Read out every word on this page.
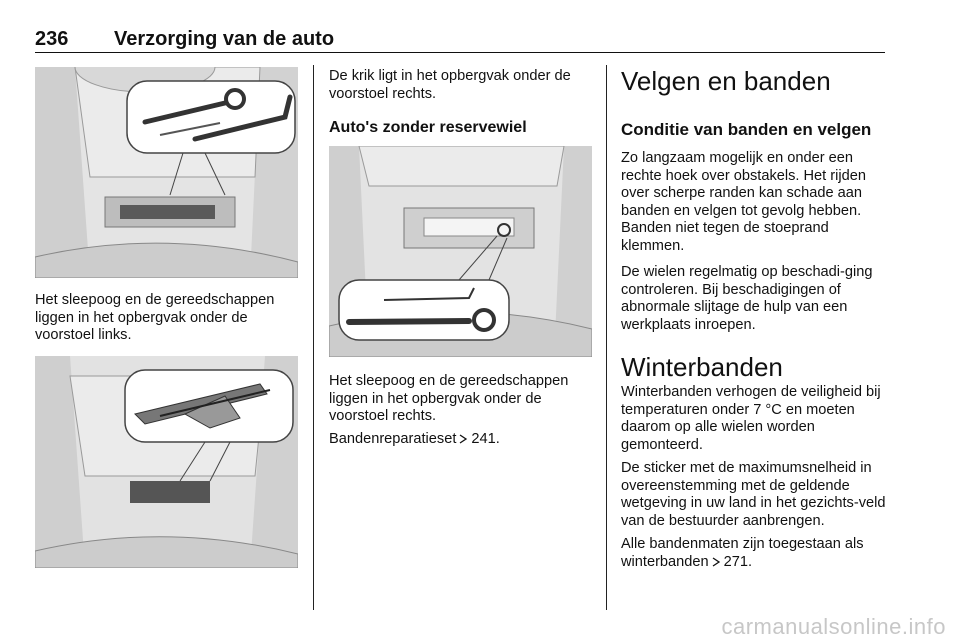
236 Verzorging van de auto

Het sleepoog en de gereedschappen liggen in het opbergvak onder de voorstoel links.

De krik ligt in het opbergvak onder de voorstoel rechts.

Auto's zonder reservewiel

Het sleepoog en de gereedschappen liggen in het opbergvak onder de voorstoel rechts.

Bandenreparatieset 241.

Velgen en banden
Conditie van banden en velgen

Zo langzaam mogelijk en onder een rechte hoek over obstakels. Het rijden over scherpe randen kan schade aan banden en velgen tot gevolg hebben. Banden niet tegen de stoeprand klemmen.

De wielen regelmatig op beschadi-ging controleren. Bij beschadigingen of abnormale slijtage de hulp van een werkplaats inroepen.

Winterbanden

Winterbanden verhogen de veiligheid bij temperaturen onder 7 °C en moeten daarom op alle wielen worden gemonteerd.

De sticker met de maximumsnelheid in overeenstemming met de geldende wetgeving in uw land in het gezichts-veld van de bestuurder aanbrengen.

Alle bandenmaten zijn toegestaan als winterbanden 271.

carmanualsonline.info
